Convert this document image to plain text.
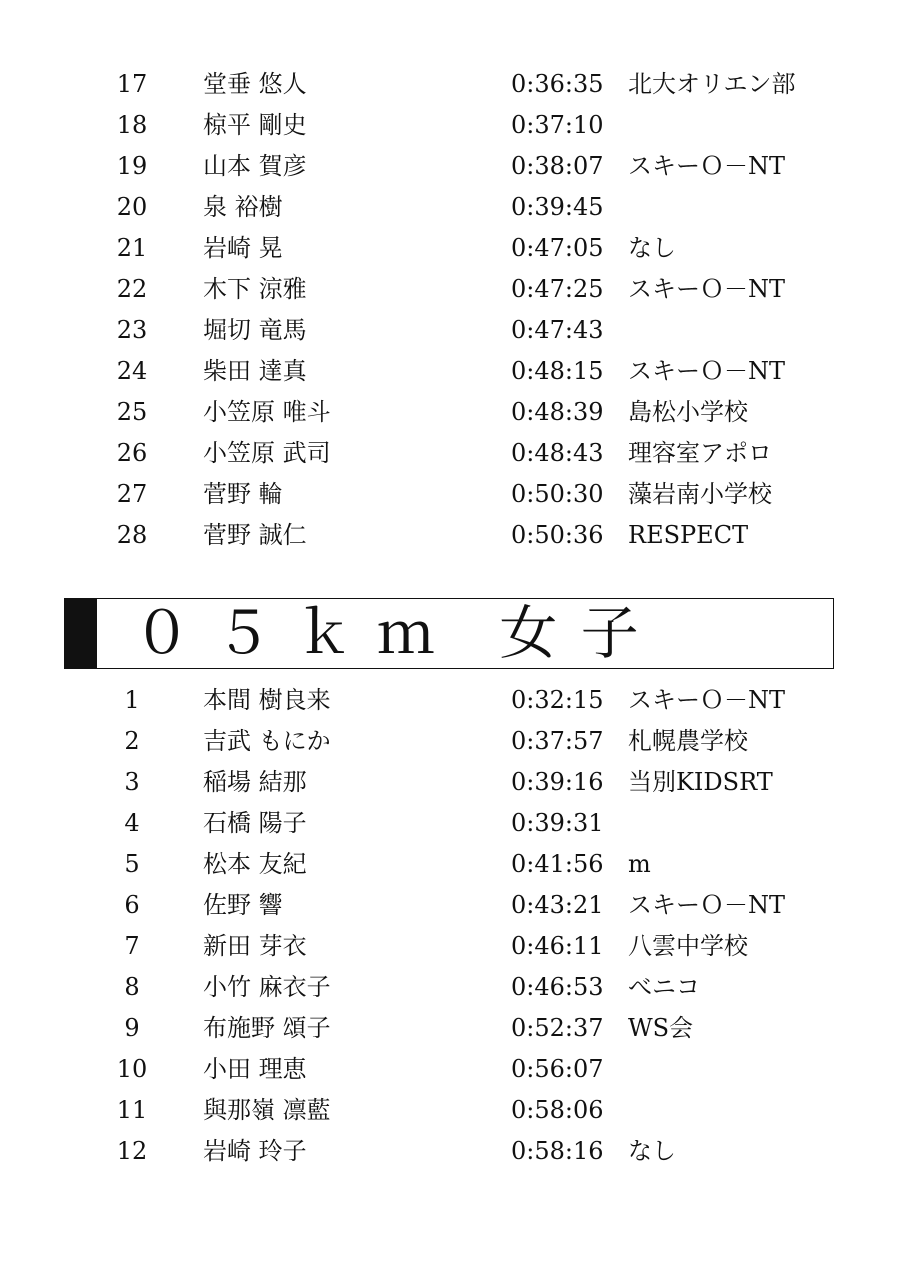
17	堂垂 悠人	0:36:35 北大オリエン部
18	椋平 剛史	0:37:10
19	山本 賀彦	0:38:07 スキーＯ－NT
20	泉 裕樹	0:39:45
21	岩崎 晃	0:47:05 なし
22	木下 涼雅	0:47:25 スキーＯ－NT
23	堀切 竜馬	0:47:43
24	柴田 達真	0:48:15 スキーＯ－NT
25	小笠原 唯斗	0:48:39 島松小学校
26	小笠原 武司	0:48:43 理容室アポロ
27	菅野 輪	0:50:30 藻岩南小学校
28	菅野 誠仁	0:50:36 RESPECT
０５ｋｍ 女子
1	本間 樹良来	0:32:15 スキーＯ－NT
2	吉武 もにか	0:37:57 札幌農学校
3	稲場 結那	0:39:16 当別KIDSRT
4	石橋 陽子	0:39:31
5	松本 友紀	0:41:56 m
6	佐野 響	0:43:21 スキーＯ－NT
7	新田 芽衣	0:46:11 八雲中学校
8	小竹 麻衣子	0:46:53 べニコ
9	布施野 頌子	0:52:37 WS会
10	小田 理恵	0:56:07
11	與那嶺 凛藍	0:58:06
12	岩崎 玲子	0:58:16 なし
